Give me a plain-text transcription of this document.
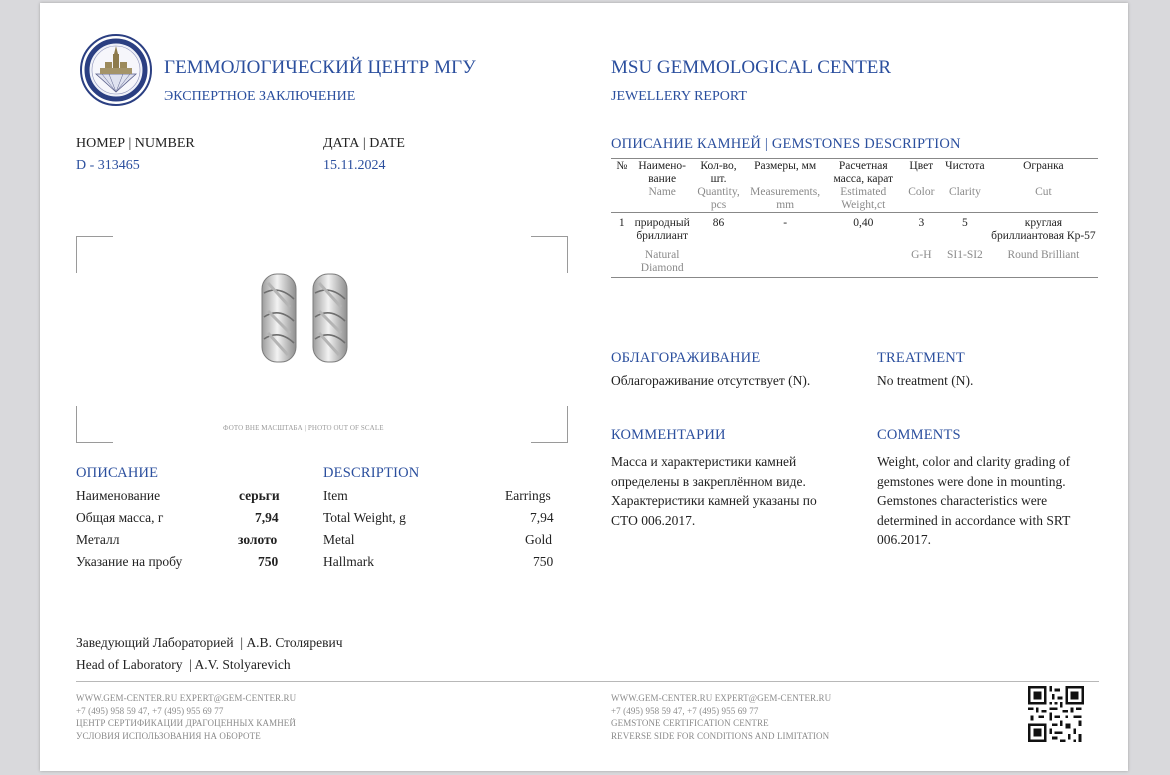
ГЕММОЛОГИЧЕСКИЙ ЦЕНТР МГУ
ЭКСПЕРТНОЕ ЗАКЛЮЧЕНИЕ
MSU GEMMOLOGICAL CENTER
JEWELLERY REPORT
НОМЕР | NUMBER
D - 313465
ДАТА | DATE
15.11.2024
ФОТО ВНЕ МАСШТАБА | PHOTO OUT OF SCALE
ОПИСАНИЕ
Наименование	серьги
Общая масса, г	7,94
Металл	золото
Указание на пробу	750
DESCRIPTION
Item	Earrings
Total Weight, g	7,94
Metal	Gold
Hallmark	750
ОПИСАНИЕ КАМНЕЙ | GEMSTONES DESCRIPTION
№	Наимено-вание	Кол-во, шт.	Размеры, мм	Расчетная масса, карат	Цвет	Чистота	Огранка
	Name	Quantity, pcs	Measurements, mm	Estimated Weight,ct	Color	Clarity	Cut
1	природный бриллиант	86	-	0,40	3	5	круглая бриллиантовая Кр-57
	Natural Diamond				G-H	SI1-SI2	Round Brilliant
ОБЛАГОРАЖИВАНИЕ
Облагораживание отсутствует (N).
TREATMENT
No treatment (N).
КОММЕНТАРИИ
Масса и характеристики камней определены в закреплённом виде. Характеристики камней указаны по СТО 006.2017.
COMMENTS
Weight, color and clarity grading of gemstones were done in mounting. Gemstones characteristics were determined in accordance with SRT 006.2017.
Заведующий Лабораторией  | А.В. Столяревич
Head of Laboratory  | A.V. Stolyarevich
WWW.GEM-CENTER.RU EXPERT@GEM-CENTER.RU
+7 (495) 958 59 47, +7 (495) 955 69 77
ЦЕНТР СЕРТИФИКАЦИИ ДРАГОЦЕННЫХ КАМНЕЙ
УСЛОВИЯ ИСПОЛЬЗОВАНИЯ НА ОБОРОТЕ
WWW.GEM-CENTER.RU EXPERT@GEM-CENTER.RU
+7 (495) 958 59 47, +7 (495) 955 69 77
GEMSTONE CERTIFICATION CENTRE
REVERSE SIDE FOR CONDITIONS AND LIMITATION
